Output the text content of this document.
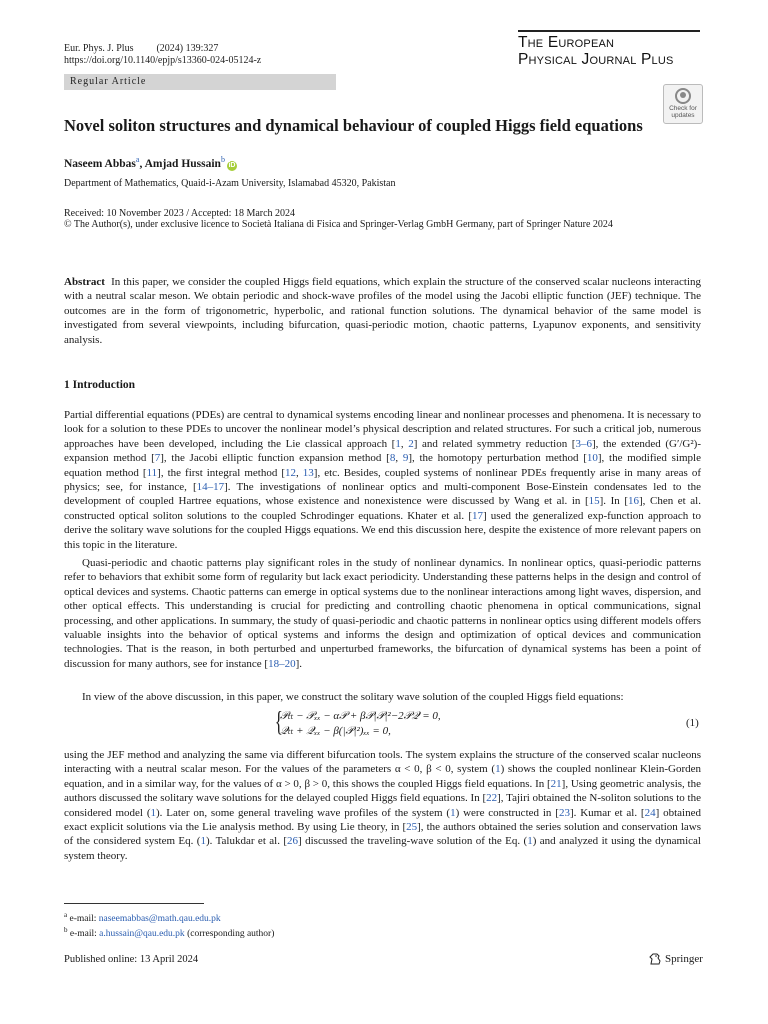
Eur. Phys. J. Plus (2024) 139:327
https://doi.org/10.1140/epjp/s13360-024-05124-z
The European
Physical Journal Plus
Regular Article
Check for
updates
Novel soliton structures and dynamical behaviour of coupled Higgs field equations
Naseem Abbas$^a$, Amjad Hussain$^b$iD
Department of Mathematics, Quaid-i-Azam University, Islamabad 45320, Pakistan
Received: 10 November 2023 / Accepted: 18 March 2024
© The Author(s), under exclusive licence to Società Italiana di Fisica and Springer-Verlag GmbH Germany, part of Springer Nature 2024
Abstract In this paper, we consider the coupled Higgs field equations, which explain the structure of the conserved scalar nucleons interacting with a neutral scalar meson. We obtain periodic and shock-wave profiles of the model using the Jacobi elliptic function (JEF) technique. The outcomes are in the form of trigonometric, hyperbolic, and rational function solutions. The dynamical behavior of the same model is investigated from several viewpoints, including bifurcation, quasi-periodic motion, chaotic patterns, Lyapunov exponents, and sensitivity analysis.
1 Introduction
Partial differential equations (PDEs) are central to dynamical systems encoding linear and nonlinear processes and phenomena. It is necessary to look for a solution to these PDEs to uncover the nonlinear model’s physical description and related structures. For such a critical job, numerous approaches have been developed, including the Lie classical approach [1, 2] and related symmetry reduction [3–6], the extended (G′/G²)-expansion method [7], the Jacobi elliptic function expansion method [8, 9], the homotopy perturbation method [10], the modified simple equation method [11], the first integral method [12, 13], etc. Besides, coupled systems of nonlinear PDEs frequently arise in many areas of physics; see, for instance, [14–17]. The investigations of nonlinear optics and multi-component Bose-Einstein condensates led to the development of coupled Hartree equations, whose existence and nonexistence were discussed by Wang et al. in [15]. In [16], Chen et al. constructed optical soliton solutions to the coupled Schrodinger equations. Khater et al. [17] used the generalized exp-function approach to derive the solitary wave solutions for the coupled Higgs equations. We end this discussion here, despite the existence of more relevant papers on this topic in the literature.
Quasi-periodic and chaotic patterns play significant roles in the study of nonlinear dynamics. In nonlinear optics, quasi-periodic patterns refer to behaviors that exhibit some form of regularity but lack exact periodicity. Understanding these patterns helps in the design and control of optical devices and systems. Chaotic patterns can emerge in optical systems due to the nonlinear interactions among light waves, dispersion, and other optical effects. This understanding is crucial for predicting and controlling chaotic phenomena in optical communications, signal processing, and other applications. In summary, the study of quasi-periodic and chaotic patterns in nonlinear optics using different models offers valuable insights into the behavior of optical systems and informs the design and optimization of optical devices and communication technologies. That is the reason, in both perturbed and unperturbed frameworks, the bifurcation of dynamical systems has been a point of discussion for many authors, see for instance [18–20].
In view of the above discussion, in this paper, we construct the solitary wave solution of the coupled Higgs field equations:
{
𝒫ₜₜ − 𝒫ₓₓ − α𝒫 + β𝒫|𝒫|²−2𝒫𝒬 = 0,
𝒬ₜₜ + 𝒬ₓₓ − β(|𝒫|²)ₓₓ = 0,
(1)
using the JEF method and analyzing the same via different bifurcation tools. The system explains the structure of the conserved scalar nucleons interacting with a neutral scalar meson. For the values of the parameters α < 0, β < 0, system (1) shows the coupled nonlinear Klein-Gorden equation, and in a similar way, for the values of α > 0, β > 0, this shows the coupled Higgs field equations. In [21], Using geometric analysis, the authors discussed the solitary wave solutions for the delayed coupled Higgs field equations. In [22], Tajiri obtained the N-soliton solutions to the considered model (1). Later on, some general traveling wave profiles of the system (1) were constructed in [23]. Kumar et al. [24] obtained exact explicit solutions via the Lie analysis method. By using Lie theory, in [25], the authors obtained the series solution and conservation laws of the considered system Eq. (1). Talukdar et al. [26] discussed the traveling-wave solution of the Eq. (1) and analyzed it using the dynamical system theory.
$^a$ e-mail: naseemabbas@math.qau.edu.pk
$^b$ e-mail: a.hussain@qau.edu.pk (corresponding author)
Published online: 13 April 2024	Springer
